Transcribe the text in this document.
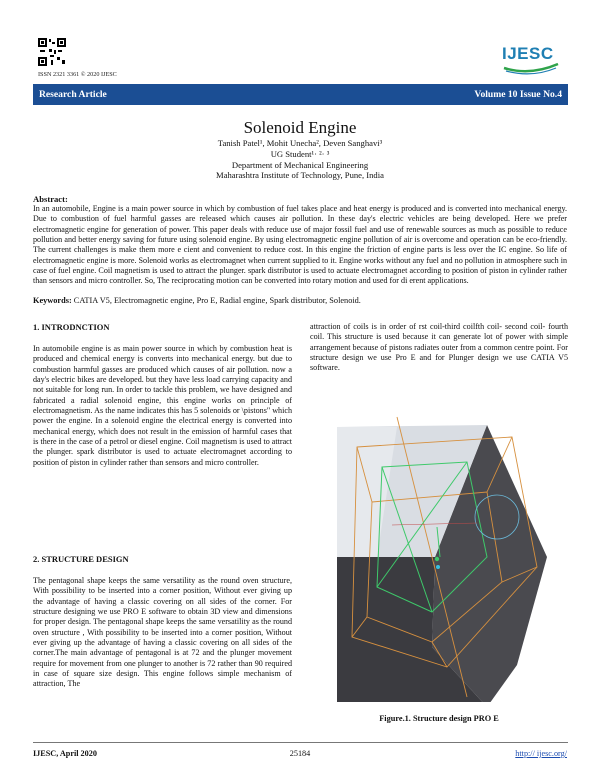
ISSN 2321 3361 © 2020 IJESC
IJESC
Research Article	Volume 10 Issue No.4
Solenoid Engine
Tanish Patel¹, Mohit Unecha², Deven Sanghavi³
UG Student¹· ²· ³
Department of Mechanical Engineering
Maharashtra Institute of Technology, Pune, India
Abstract:
In an automobile, Engine is a main power source in which by combustion of fuel takes place and heat energy is produced and is converted into mechanical energy. Due to combustion of fuel harmful gasses are released which causes air pollution. In these day's electric vehicles are being developed. Here we prefer electromagnetic engine for generation of power. This paper deals with reduce use of major fossil fuel and use of renewable sources as much as possible to reduce pollution and better energy saving for future using solenoid engine. By using electromagnetic engine pollution of air is overcome and operation can be eco-friendly. The current challenges is make them more e cient and convenient to reduce cost. In this engine the friction of engine parts is less over the IC engine. So life of electromagnetic engine is more. Solenoid works as electromagnet when current supplied to it. Engine works without any fuel and no pollution in atmosphere such in case of fuel engine. Coil magnetism is used to attract the plunger. spark distributor is used to actuate electromagnet according to position of piston in cylinder rather than sensors and micro controller. So, The reciprocating motion can be converted into rotary motion and used for di erent applications.
Keywords: CATIA V5, Electromagnetic engine, Pro E, Radial engine, Spark distributor, Solenoid.
1. INTRODNCTION
In automobile engine is as main power source in which by combustion heat is produced and chemical energy is converts into mechanical energy. but due to combustion harmful gasses are produced which causes of air pollution. now a day's electric bikes are developed. but they have less load carrying capacity and not suitable for long run. In order to tackle this problem, we have designed and fabricated a radial solenoid engine, this engine works on principle of electromagnetism. As the name indicates this has 5 solenoids or \pistons" which power the engine. In a solenoid engine the electrical energy is converted into mechanical energy, which does not result in the emission of harmful cases that is there in the case of a petrol or diesel engine. Coil magnetism is used to attract the plunger. spark distributor is used to actuate electromagnet according to position of piston in cylinder rather than sensors and micro controller.
2. STRUCTURE DESIGN
The pentagonal shape keeps the same versatility as the round oven structure, With possibility to be inserted into a corner position, Without ever giving up the advantage of having a classic covering on all sides of the corner. For structure designing we use PRO E software to obtain 3D view and dimensions for proper design. The pentagonal shape keeps the same versatility as the round oven structure , With possibility to be inserted into a corner position, Without ever giving up the advantage of having a classic covering on all sides of the corner.The main advantage of pentagonal is at 72 and the plunger movement require for movement from one plunger to another is 72 rather than 90 required in case of square size design. This engine follows simple mechanism of attraction, The
attraction of coils is in order of rst coil-third coilfth coil- second coil- fourth coil. This structure is used because it can generate lot of power with simple arrangement because of pistons radiates outer from a common centre point. For structure design we use Pro E and for Plunger design we use CATIA V5 software.
Figure.1. Structure design PRO E
IJESC, April 2020	25184	http:// ijesc.org/
